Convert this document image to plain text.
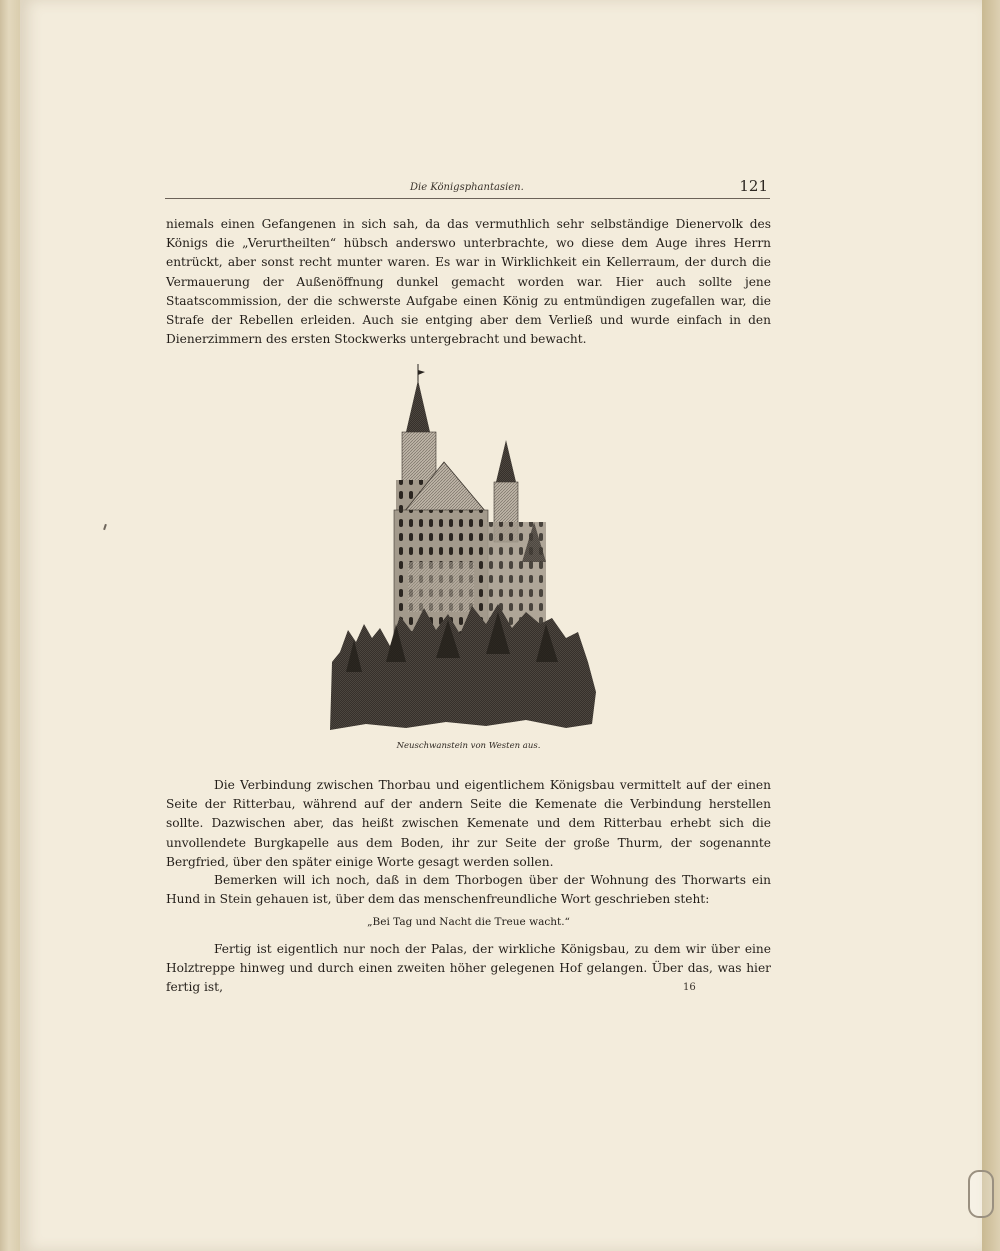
Die Königsphantasien.	121

niemals einen Gefangenen in sich sah, da das vermuthlich sehr selbständige Dienervolk des Königs die „Verurtheilten“ hübsch anderswo unterbrachte, wo diese dem Auge ihres Herrn entrückt, aber sonst recht munter waren. Es war in Wirklichkeit ein Kellerraum, der durch die Vermauerung der Außenöffnung dunkel gemacht worden war. Hier auch sollte jene Staatscommission, der die schwerste Aufgabe einen König zu entmündigen zugefallen war, die Strafe der Rebellen erleiden. Auch sie entging aber dem Verließ und wurde einfach in den Dienerzimmern des ersten Stockwerks untergebracht und bewacht.

Neuschwanstein von Westen aus.

Die Verbindung zwischen Thorbau und eigentlichem Königsbau vermittelt auf der einen Seite der Ritterbau, während auf der andern Seite die Kemenate die Verbindung herstellen sollte. Dazwischen aber, das heißt zwischen Kemenate und dem Ritterbau erhebt sich die unvollendete Burgkapelle aus dem Boden, ihr zur Seite der große Thurm, der sogenannte Bergfried, über den später einige Worte gesagt werden sollen.

Bemerken will ich noch, daß in dem Thorbogen über der Wohnung des Thorwarts ein Hund in Stein gehauen ist, über dem das menschenfreundliche Wort geschrieben steht:

„Bei Tag und Nacht die Treue wacht.“

Fertig ist eigentlich nur noch der Palas, der wirkliche Königsbau, zu dem wir über eine Holztreppe hinweg und durch einen zweiten höher gelegenen Hof gelangen. Über das, was hier fertig ist,	16
